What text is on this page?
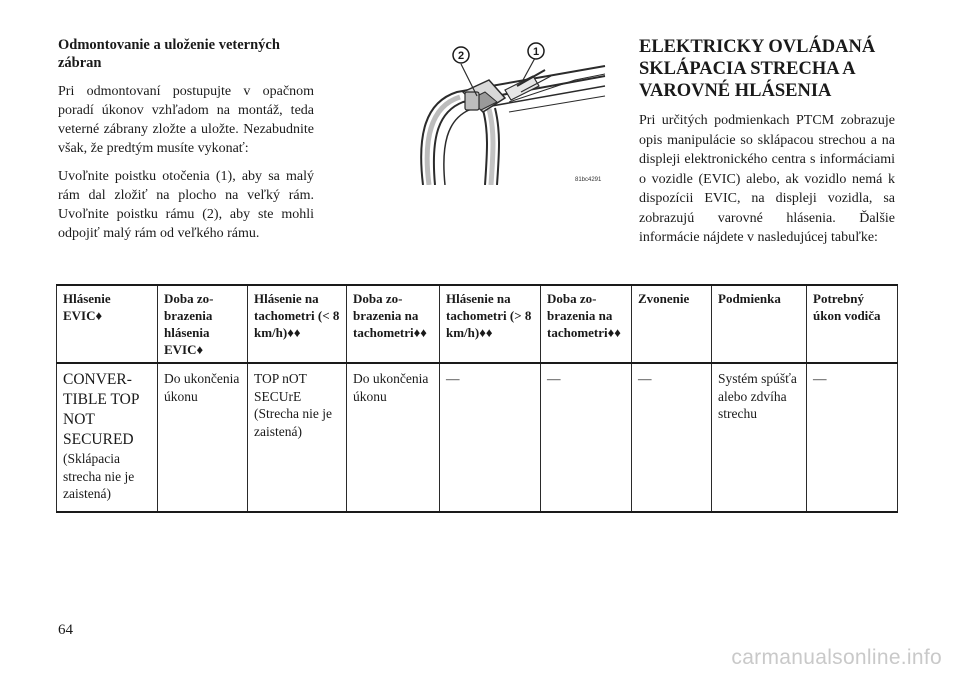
Odmontovanie a uloženie veterných zábran

Pri odmontovaní postupujte v opačnom poradí úkonov vzhľadom na montáž, teda veterné zábrany zložte a uložte. Nezabudnite však, že predtým musíte vykonať:

Uvoľnite poistku otočenia (1), aby sa malý rám dal zložiť na plocho na veľký rám. Uvoľnite poistku rámu (2), aby ste mohli odpojiť malý rám od veľkého rámu.

2	1
81bc4291
ELEKTRICKY OVLÁDANÁ SKLÁPACIA STRECHA A VAROVNÉ HLÁSENIA

Pri určitých podmienkach PTCM zobrazuje opis manipulácie so sklápacou strechou a na displeji elektronického centra s informáciami o vozidle (EVIC) alebo, ak vozidlo nemá k dispozícii EVIC, na displeji vozidla, sa zobrazujú varovné hlásenia. Ďalšie informácie nájdete v nasledujúcej tabuľke:

Hlásenie EVIC♦	Doba zobrazenia hlásenia EVIC♦	Hlásenie na tachometri (< 8 km/h)♦♦	Doba zobrazenia na tachometri♦♦	Hlásenie na tachometri (> 8 km/h)♦♦	Doba zobrazenia na tachometri♦♦	Zvonenie	Podmienka	Potrebný úkon vodiča

CONVERTIBLE TOP NOT SECURED
(Sklápacia strecha nie je zaistená)	Do ukončenia úkonu	TOP nOT SECUrE (Strecha nie je zaistená)	Do ukončenia úkonu	—	—	—	Systém spúšťa alebo zdvíha strechu	—
64
carmanualsonline.info
